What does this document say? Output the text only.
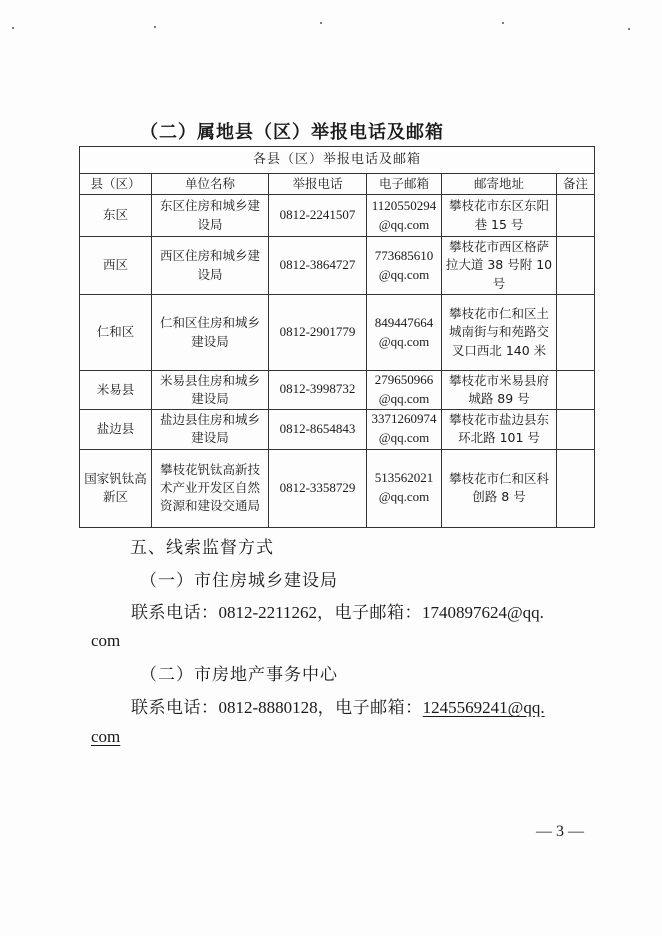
（二）属地县（区）举报电话及邮箱
各县（区）举报电话及邮箱					
县（区）	单位名称	举报电话	电子邮箱	邮寄地址	备注
东区	东区住房和城乡建设局	0812-2241507	1120550294@qq.com	攀枝花市东区东阳巷 15 号	
西区	西区住房和城乡建设局	0812-3864727	773685610@qq.com	攀枝花市西区格萨拉大道 38 号附 10 号	
仁和区	仁和区住房和城乡建设局	0812-2901779	849447664@qq.com	攀枝花市仁和区土城南街与和苑路交叉口西北 140 米	
米易县	米易县住房和城乡建设局	0812-3998732	279650966@qq.com	攀枝花市米易县府城路 89 号	
盐边县	盐边县住房和城乡建设局	0812-8654843	3371260974@qq.com	攀枝花市盐边县东环北路 101 号	
国家钒钛高新区	攀枝花钒钛高新技术产业开发区自然资源和建设交通局	0812-3358729	513562021@qq.com	攀枝花市仁和区科创路 8 号	
五、线索监督方式
（一）市住房城乡建设局
联系电话：0812-2211262，电子邮箱：1740897624@qq.
com
（二）市房地产事务中心
联系电话：0812-8880128，电子邮箱：1245569241@qq.
com
— 3 —
